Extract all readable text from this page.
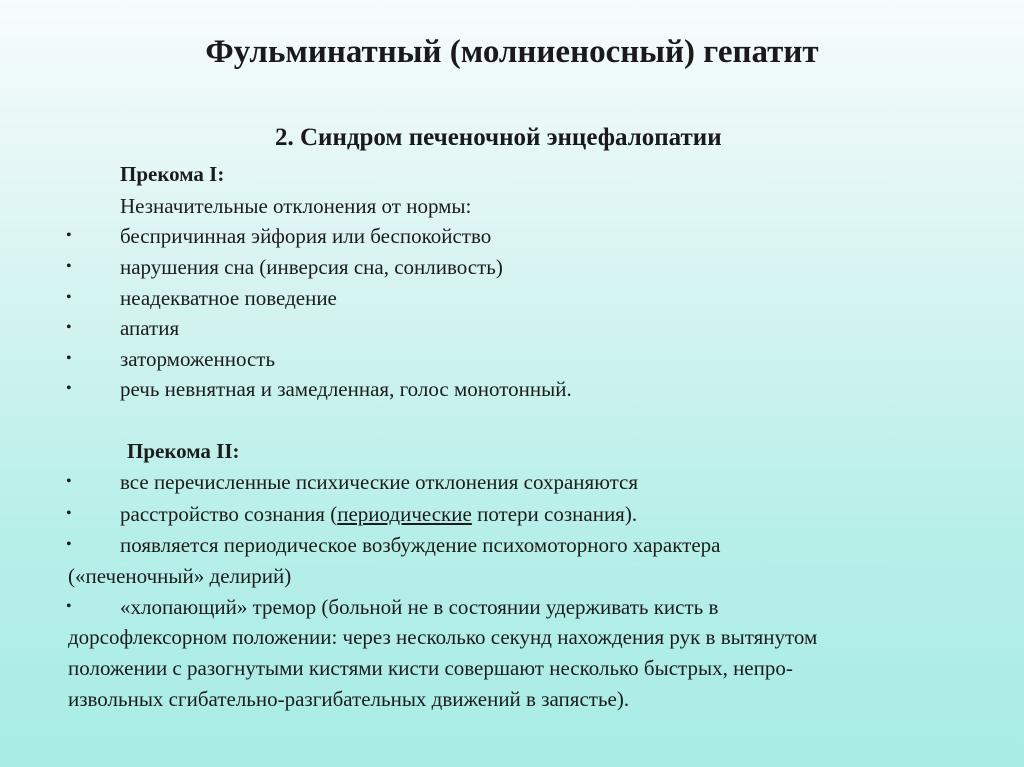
Фульминатный (молниеносный) гепатит
2. Синдром печеночной энцефалопатии
Прекома I:
Незначительные отклонения от нормы:
• беспричинная эйфория или беспокойство
• нарушения сна (инверсия сна, сонливость)
• неадекватное поведение
• апатия
• заторможенность
• речь невнятная и замедленная, голос монотонный.
Прекома II:
• все перечисленные психические отклонения сохраняются
• расстройство сознания (периодические потери сознания).
• появляется периодическое возбуждение психомоторного характера
(«печеночный» делирий)
• «хлопающий» тремор (больной не в состоянии удерживать кисть в
дорсофлексорном положении: через несколько секунд нахождения рук в вытянутом
положении с разогнутыми кистями кисти совершают несколько быстрых, непро-
извольных сгибательно-разгибательных движений в запястье).
